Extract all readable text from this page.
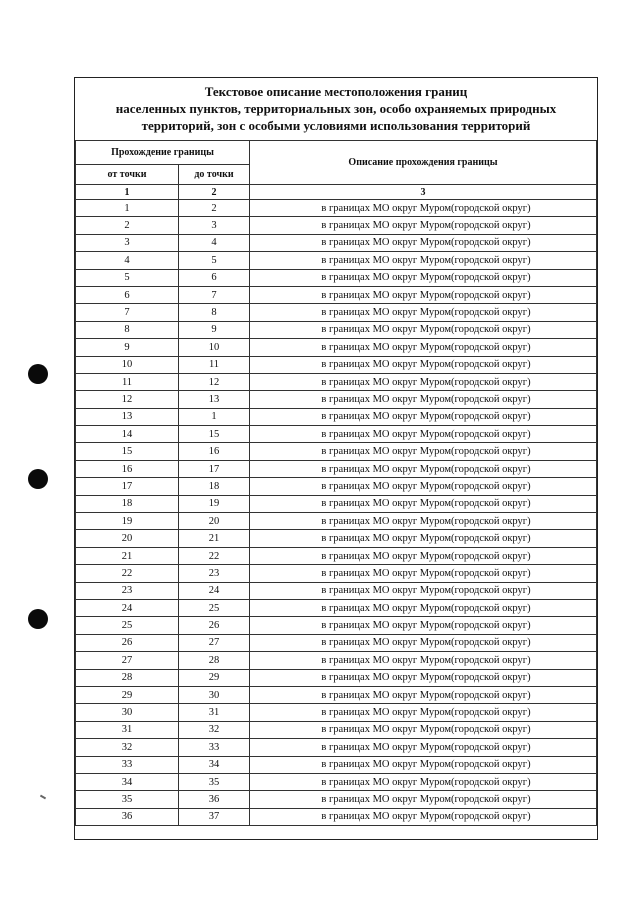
Текстовое описание местоположения границ
населенных пунктов, территориальных зон, особо охраняемых природных
территорий, зон с особыми условиями использования территорий
Прохождение границы		Описание прохождения границы
от точки	до точки	
1	2	3
1	2	в границах МО округ Муром(городской округ)
2	3	в границах МО округ Муром(городской округ)
3	4	в границах МО округ Муром(городской округ)
4	5	в границах МО округ Муром(городской округ)
5	6	в границах МО округ Муром(городской округ)
6	7	в границах МО округ Муром(городской округ)
7	8	в границах МО округ Муром(городской округ)
8	9	в границах МО округ Муром(городской округ)
9	10	в границах МО округ Муром(городской округ)
10	11	в границах МО округ Муром(городской округ)
11	12	в границах МО округ Муром(городской округ)
12	13	в границах МО округ Муром(городской округ)
13	1	в границах МО округ Муром(городской округ)
14	15	в границах МО округ Муром(городской округ)
15	16	в границах МО округ Муром(городской округ)
16	17	в границах МО округ Муром(городской округ)
17	18	в границах МО округ Муром(городской округ)
18	19	в границах МО округ Муром(городской округ)
19	20	в границах МО округ Муром(городской округ)
20	21	в границах МО округ Муром(городской округ)
21	22	в границах МО округ Муром(городской округ)
22	23	в границах МО округ Муром(городской округ)
23	24	в границах МО округ Муром(городской округ)
24	25	в границах МО округ Муром(городской округ)
25	26	в границах МО округ Муром(городской округ)
26	27	в границах МО округ Муром(городской округ)
27	28	в границах МО округ Муром(городской округ)
28	29	в границах МО округ Муром(городской округ)
29	30	в границах МО округ Муром(городской округ)
30	31	в границах МО округ Муром(городской округ)
31	32	в границах МО округ Муром(городской округ)
32	33	в границах МО округ Муром(городской округ)
33	34	в границах МО округ Муром(городской округ)
34	35	в границах МО округ Муром(городской округ)
35	36	в границах МО округ Муром(городской округ)
36	37	в границах МО округ Муром(городской округ)
